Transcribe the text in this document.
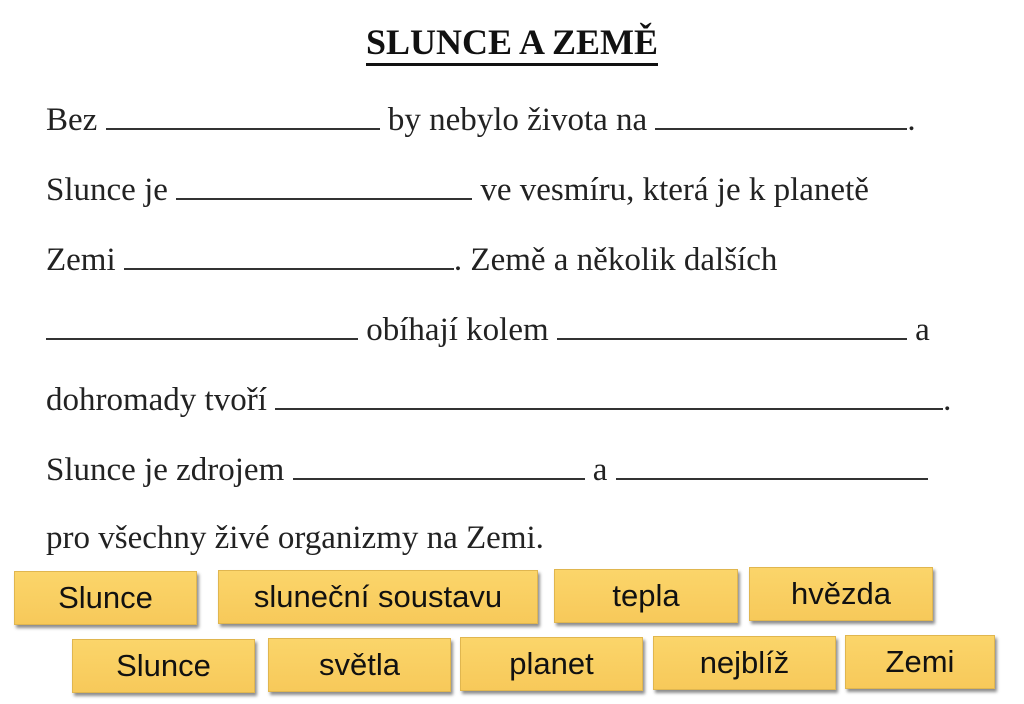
SLUNCE A ZEMĚ
Bez	by nebylo života na	.
Slunce je	ve vesmíru, která je k planetě
Zemi	. Země a několik dalších
obíhají kolem	a
dohromady tvoří	.
Slunce je zdrojem	a
pro všechny živé organizmy na Zemi.
Slunce	sluneční soustavu	tepla	hvězda
Slunce	světla	planet	nejblíž	Zemi
